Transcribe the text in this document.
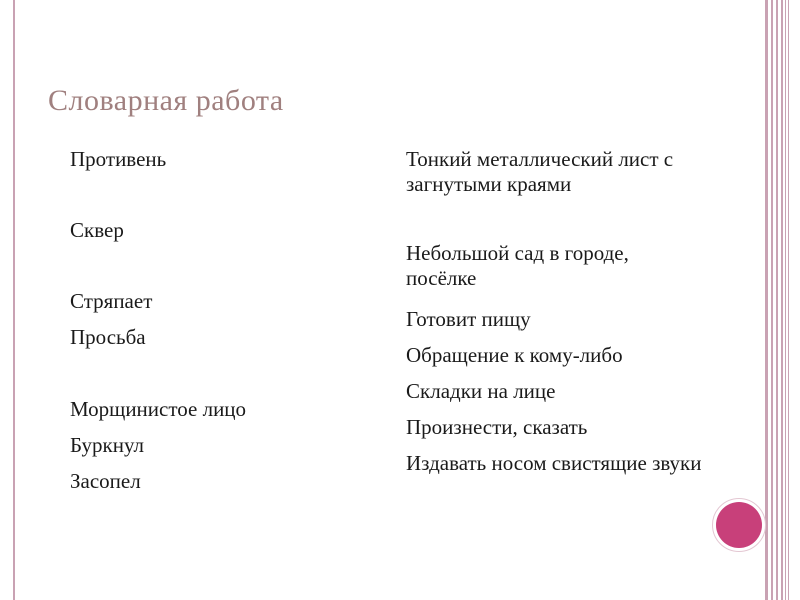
Словарная работа
Противень
Сквер
Стряпает
Просьба
Морщинистое лицо
Буркнул
Засопел
Тонкий металлический лист с загнутыми краями
Небольшой сад в городе, посёлке
Готовит пищу
Обращение к кому-либо
Складки на лице
Произнести, сказать
Издавать носом свистящие звуки
